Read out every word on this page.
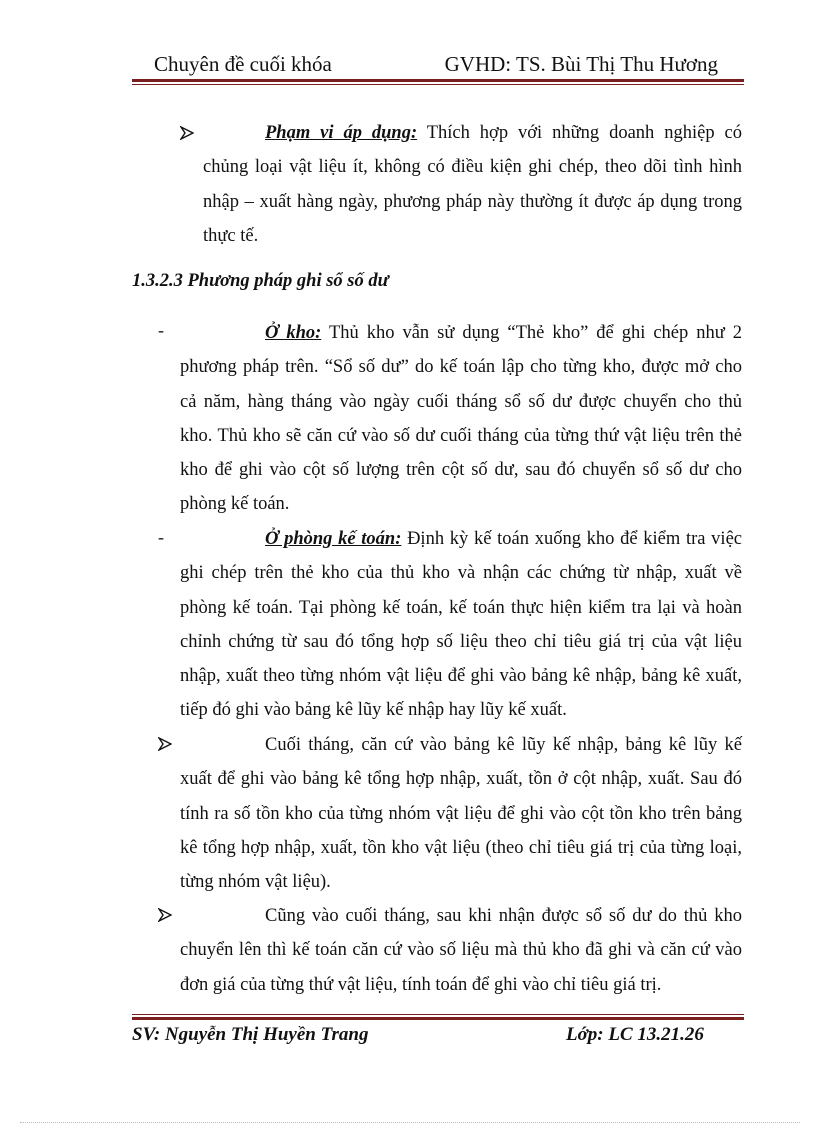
Chuyên đề cuối khóa	GVHD: TS. Bùi Thị Thu Hương
Phạm vi áp dụng: Thích hợp với những doanh nghiệp có
chủng loại vật liệu ít, không có điều kiện ghi chép, theo dõi tình hình
nhập – xuất hàng ngày, phương pháp này thường ít được áp dụng trong
thực tế.
1.3.2.3 Phương pháp ghi sổ số dư
-	Ở kho: Thủ kho vẫn sử dụng “Thẻ kho” để ghi chép như 2
phương pháp trên. “Sổ số dư” do kế toán lập cho từng kho, được mở cho
cả năm, hàng tháng vào ngày cuối tháng sổ số dư được chuyển cho thủ
kho. Thủ kho sẽ căn cứ vào số dư cuối tháng của từng thứ vật liệu trên thẻ
kho để ghi vào cột số lượng trên cột số dư, sau đó chuyển sổ số dư cho
phòng kế toán.
-	Ở phòng kế toán: Định kỳ kế toán xuống kho để kiểm tra việc
ghi chép trên thẻ kho của thủ kho và nhận các chứng từ nhập, xuất về
phòng kế toán. Tại phòng kế toán, kế toán thực hiện kiểm tra lại và hoàn
chỉnh chứng từ sau đó tổng hợp số liệu theo chỉ tiêu giá trị của vật liệu
nhập, xuất theo từng nhóm vật liệu để ghi vào bảng kê nhập, bảng kê xuất,
tiếp đó ghi vào bảng kê lũy kế nhập hay lũy kế xuất.
Cuối tháng, căn cứ vào bảng kê lũy kế nhập, bảng kê lũy kế
xuất để ghi vào bảng kê tổng hợp nhập, xuất, tồn ở cột nhập, xuất. Sau đó
tính ra số tồn kho của từng nhóm vật liệu để ghi vào cột tồn kho trên bảng
kê tổng hợp nhập, xuất, tồn kho vật liệu (theo chỉ tiêu giá trị của từng loại,
từng nhóm vật liệu).
Cũng vào cuối tháng, sau khi nhận được sổ số dư do thủ kho
chuyển lên thì kế toán căn cứ vào số liệu mà thủ kho đã ghi và căn cứ vào
đơn giá của từng thứ vật liệu, tính toán để ghi vào chỉ tiêu giá trị.
SV: Nguyễn Thị Huyền Trang	Lớp: LC 13.21.26
